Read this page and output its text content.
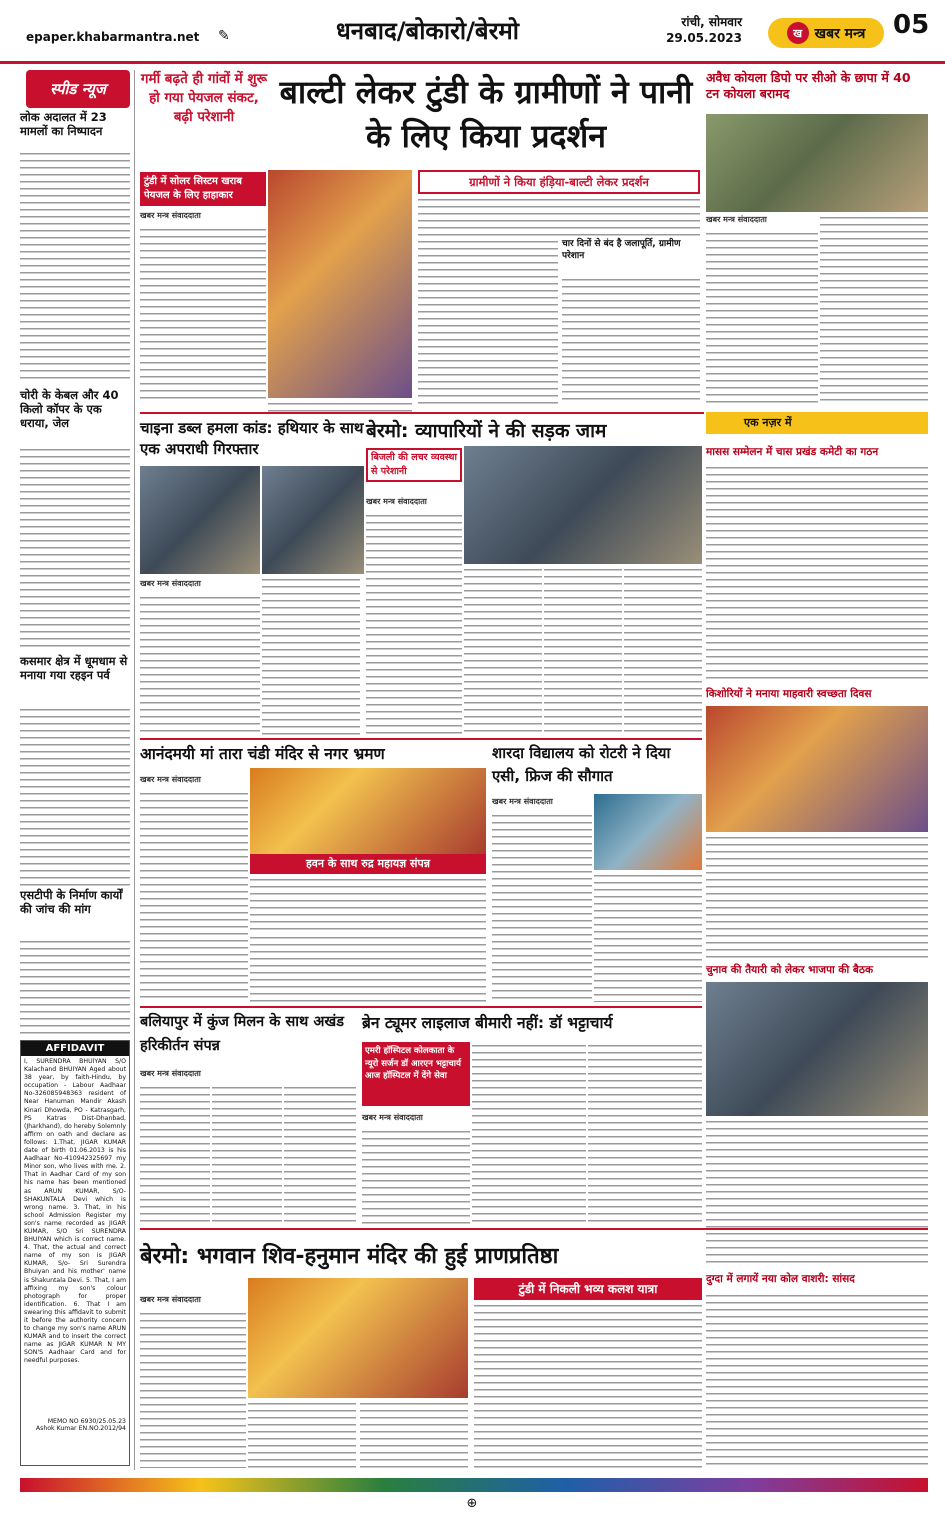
epaper.khabarmantra.net ✎	धनबाद/बोकारो/बेरमो	रांची, सोमवार
29.05.2023	ख खबर मन्त्र 05
स्पीड न्यूज
लोक अदालत में 23 मामलों का निष्पादन
चोरी के केबल और 40 किलो कॉपर के एक धराया, जेल
कसमार क्षेत्र में धूमधाम से मनाया गया रहइन पर्व
एसटीपी के निर्माण कार्यों की जांच की मांग
AFFIDAVIT
I, SURENDRA BHUIYAN S/O Kalachand BHUIYAN Aged about 38 year, by faith-Hindu, by occupation - Labour Aadhaar No-326085948363 resident of Near Hanuman Mandir Akash Kinari Dhowda, PO - Katrasgarh, PS Katras Dist-Dhanbad, (Jharkhand), do hereby Solemnly affirm on oath and declare as follows: 1.That, JIGAR KUMAR date of birth 01.06.2013 is his Aadhaar No-410942325697 my Minor son, who lives with me. 2. That in Aadhar Card of my son his name has been mentioned as ARUN KUMAR, S/O-SHAKUNTALA Devi which is wrong name. 3. That, in his school Admission Register my son's name recorded as JIGAR KUMAR, S/O Sri SURENDRA BHUIYAN which is correct name. 4. That, the actual and correct name of my son is JIGAR KUMAR, S/o- Sri Surendra Bhuiyan and his mother' name is Shakuntala Devi. 5. That, I am affixing my son's colour photograph for proper identification. 6. That I am swearing this affidavit to submit it before the authority concern to change my son's name ARUN KUMAR and to insert the correct name as JIGAR KUMAR N MY SON'S Aadhaar Card and for needful purposes.
MEMO NO 6930/25.05.23
Ashok Kumar EN.NO.2012/94
गर्मी बढ़ते ही गांवों में शुरू हो गया पेयजल संकट, बढ़ी परेशानी
बाल्टी लेकर टुंडी के ग्रामीणों ने पानी के लिए किया प्रदर्शन
अवैध कोयला डिपो पर सीओ के छापा में 40 टन कोयला बरामद
टुंडी में सोलर सिस्टम खराब पेयजल के लिए हाहाकार
ग्रामीणों ने किया हंड़िया-बाल्टी लेकर प्रदर्शन
खबर मन्त्र संवाददाता
चार दिनों से बंद है जलापूर्ति, ग्रामीण परेशान
खबर मन्त्र संवाददाता
चाइना डब्ल हमला कांड: हथियार के साथ एक अपराधी गिरफ्तार
खबर मन्त्र संवाददाता
बेरमो: व्यापारियों ने की सड़क जाम
बिजली की लचर व्यवस्था से परेशानी
खबर मन्त्र संवाददाता
एक नज़र में
मासस सम्मेलन में चास प्रखंड कमेटी का गठन
किशोरियों ने मनाया माहवारी स्वच्छता दिवस
चुनाव की तैयारी को लेकर भाजपा की बैठक
आनंदमयी मां तारा चंडी मंदिर से नगर भ्रमण
खबर मन्त्र संवाददाता
हवन के साथ रुद्र महायज्ञ संपन्न
शारदा विद्यालय को रोटरी ने दिया एसी, फ्रिज की सौगात
खबर मन्त्र संवाददाता
बलियापुर में कुंज मिलन के साथ अखंड हरिकीर्तन संपन्न
खबर मन्त्र संवाददाता
ब्रेन ट्यूमर लाइलाज बीमारी नहीं: डॉ भट्टाचार्य
एमरी हॉस्पिटल कोलकाता के न्यूरो सर्जन डॉ आरएन भट्टाचार्य आज हॉस्पिटल में देंगे सेवा
खबर मन्त्र संवाददाता
बेरमो: भगवान शिव-हनुमान मंदिर की हुई प्राणप्रतिष्ठा
खबर मन्त्र संवाददाता
टुंडी में निकली भव्य कलश यात्रा
दुग्दा में लगायें नया कोल वाशरी: सांसद
⊕
